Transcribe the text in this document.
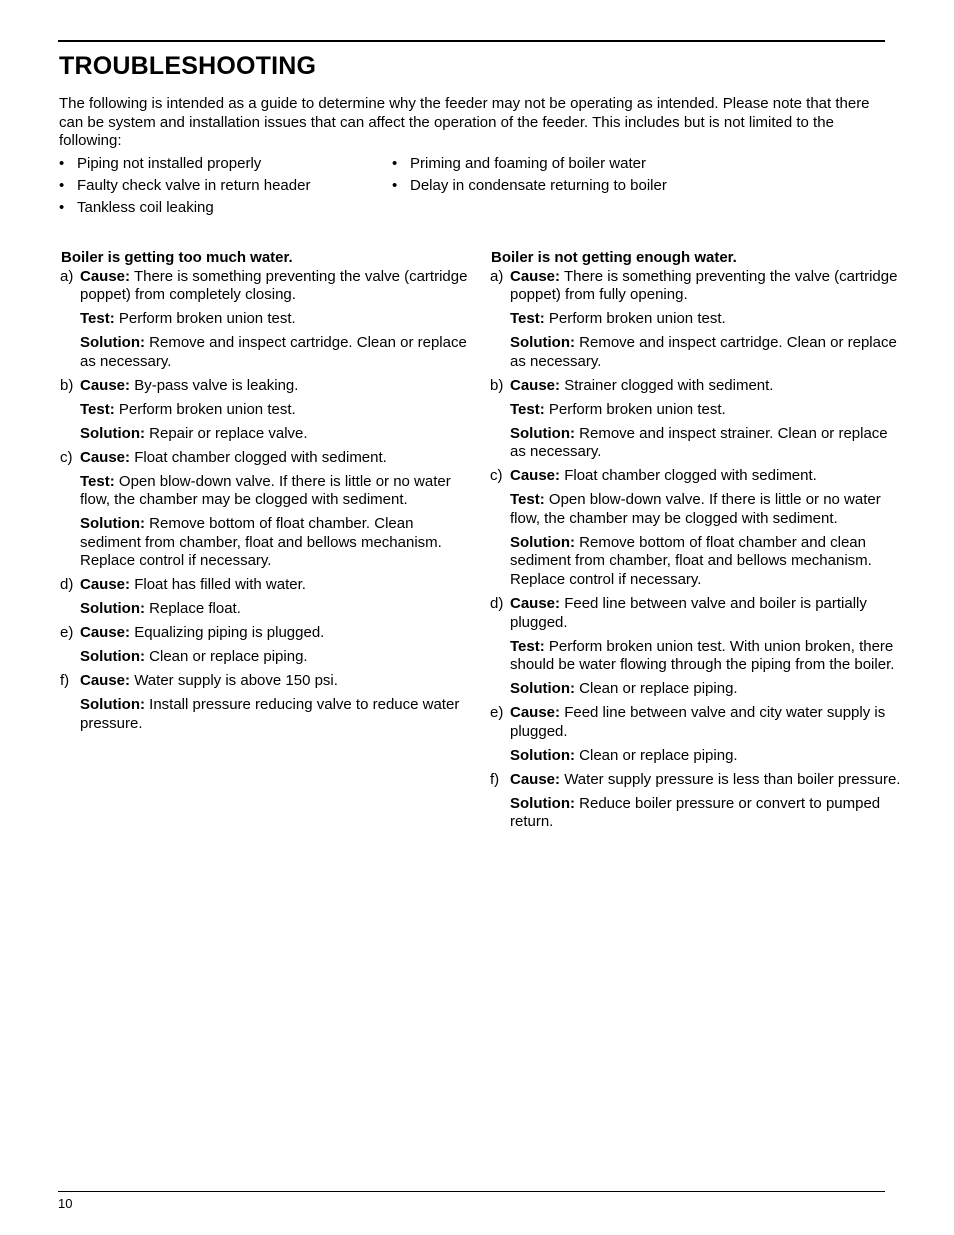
TROUBLESHOOTING

The following is intended as a guide to determine why the feeder may not be operating as intended. Please note that there can be system and installation issues that can affect the operation of the feeder. This includes but is not limited to the following:

• Piping not installed properly
• Faulty check valve in return header
• Tankless coil leaking
• Priming and foaming of boiler water
• Delay in condensate returning to boiler

Boiler is getting too much water.

a) Cause: There is something preventing the valve (cartridge poppet) from completely closing.

Test: Perform broken union test.

Solution: Remove and inspect cartridge. Clean or replace as necessary.

b) Cause: By-pass valve is leaking.

Test: Perform broken union test.

Solution: Repair or replace valve.

c) Cause: Float chamber clogged with sediment.

Test: Open blow-down valve. If there is little or no water flow, the chamber may be clogged with sediment.

Solution: Remove bottom of float chamber. Clean sediment from chamber, float and bellows mechanism. Replace control if necessary.

d) Cause: Float has filled with water.

Solution: Replace float.

e) Cause: Equalizing piping is plugged.

Solution: Clean or replace piping.

f) Cause: Water supply is above 150 psi.

Solution: Install pressure reducing valve to reduce water pressure.

Boiler is not getting enough water.

a) Cause: There is something preventing the valve (cartridge poppet) from fully opening.

Test: Perform broken union test.

Solution: Remove and inspect cartridge. Clean or replace as necessary.

b) Cause: Strainer clogged with sediment.

Test: Perform broken union test.

Solution: Remove and inspect strainer. Clean or replace as necessary.

c) Cause: Float chamber clogged with sediment.

Test: Open blow-down valve. If there is little or no water flow, the chamber may be clogged with sediment.

Solution: Remove bottom of float chamber and clean sediment from chamber, float and bellows mechanism. Replace control if necessary.

d) Cause: Feed line between valve and boiler is partially plugged.

Test: Perform broken union test. With union broken, there should be water flowing through the piping from the boiler.

Solution: Clean or replace piping.

e) Cause: Feed line between valve and city water supply is plugged.

Solution: Clean or replace piping.

f) Cause: Water supply pressure is less than boiler pressure.

Solution: Reduce boiler pressure or convert to pumped return.

10
